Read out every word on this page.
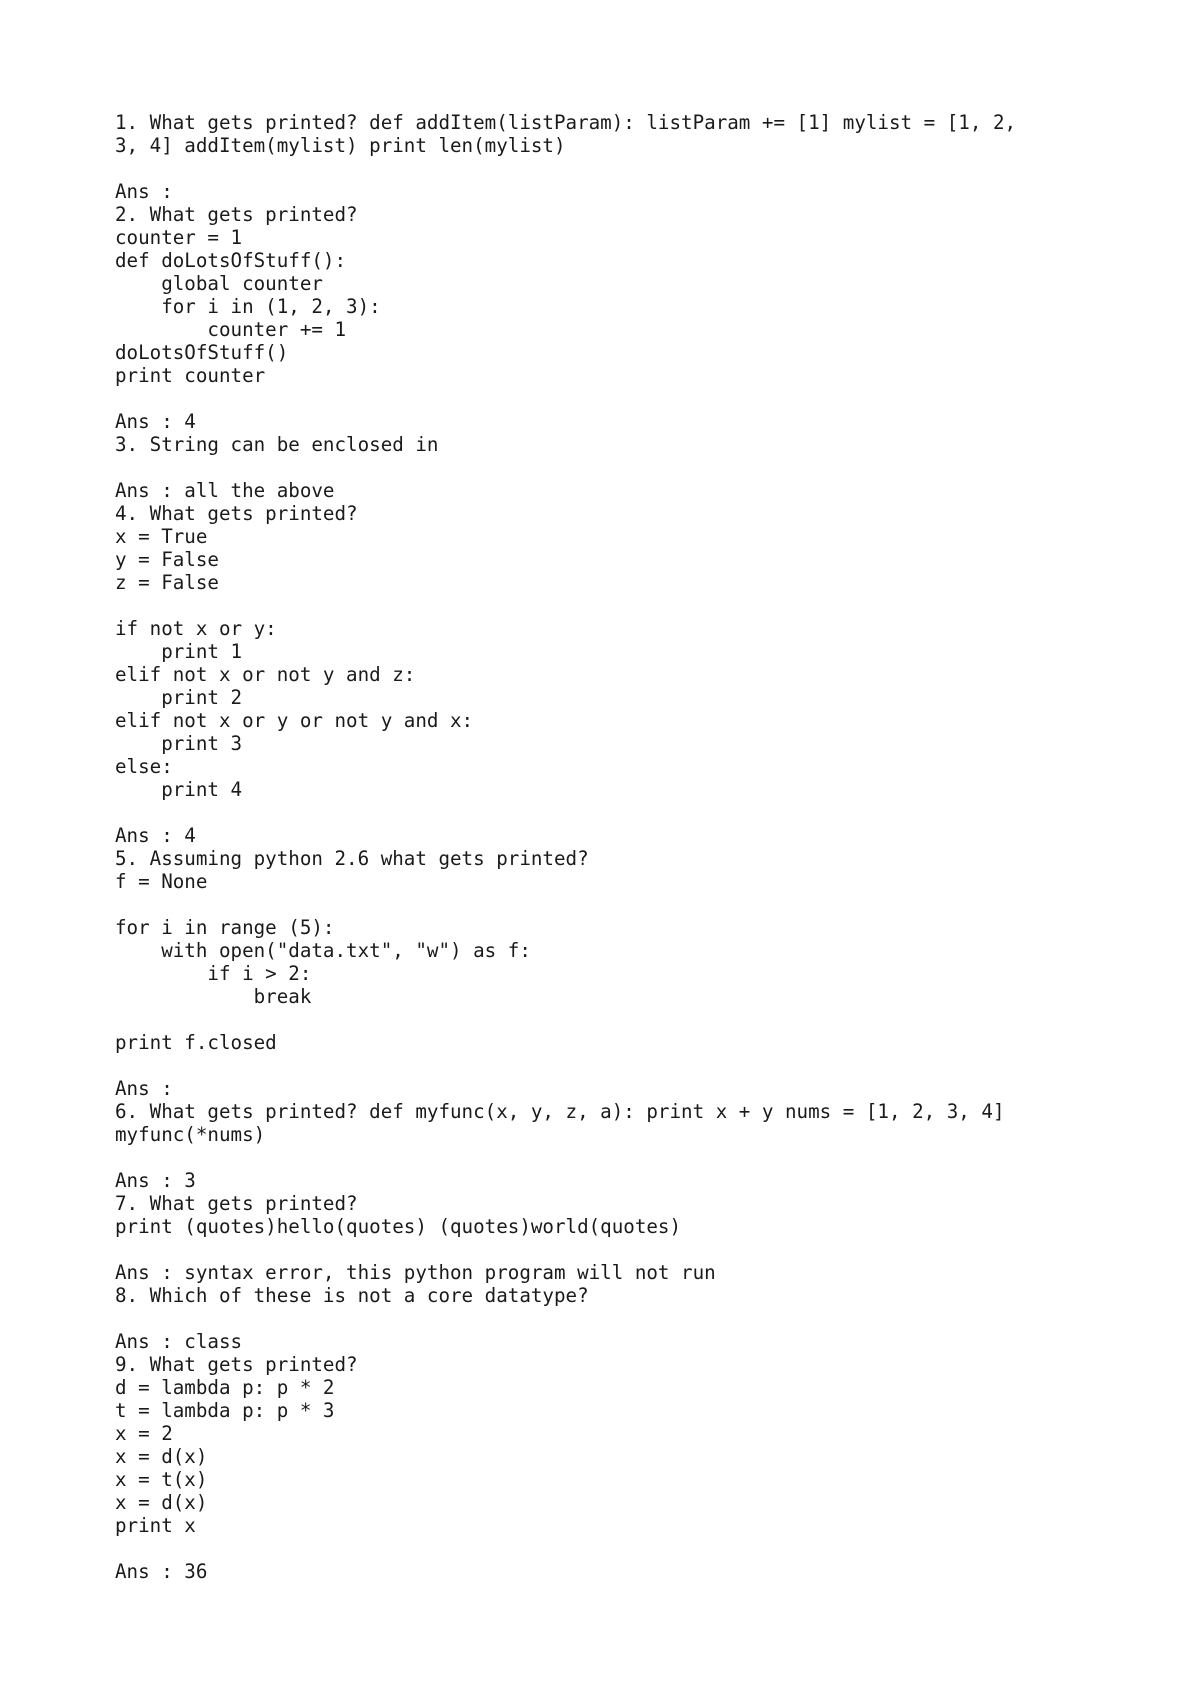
1. What gets printed? def addItem(listParam): listParam += [1] mylist = [1, 2,
3, 4] addItem(mylist) print len(mylist)
Ans :
2. What gets printed?
counter = 1
def doLotsOfStuff():
global counter
for i in (1, 2, 3):
counter += 1
doLotsOfStuff()
print counter
Ans : 4
3. String can be enclosed in
Ans : all the above
4. What gets printed?
x = True
y = False
z = False
if not x or y:
print 1
elif not x or not y and z:
print 2
elif not x or y or not y and x:
print 3
else:
print 4
Ans : 4
5. Assuming python 2.6 what gets printed?
f = None
for i in range (5):
with open("data.txt", "w") as f:
if i > 2:
break
print f.closed
Ans :
6. What gets printed? def myfunc(x, y, z, a): print x + y nums = [1, 2, 3, 4]
myfunc(*nums)
Ans : 3
7. What gets printed?
print (quotes)hello(quotes) (quotes)world(quotes)
Ans : syntax error, this python program will not run
8. Which of these is not a core datatype?
Ans : class
9. What gets printed?
d = lambda p: p * 2
t = lambda p: p * 3
x = 2
x = d(x)
x = t(x)
x = d(x)
print x
Ans : 36
